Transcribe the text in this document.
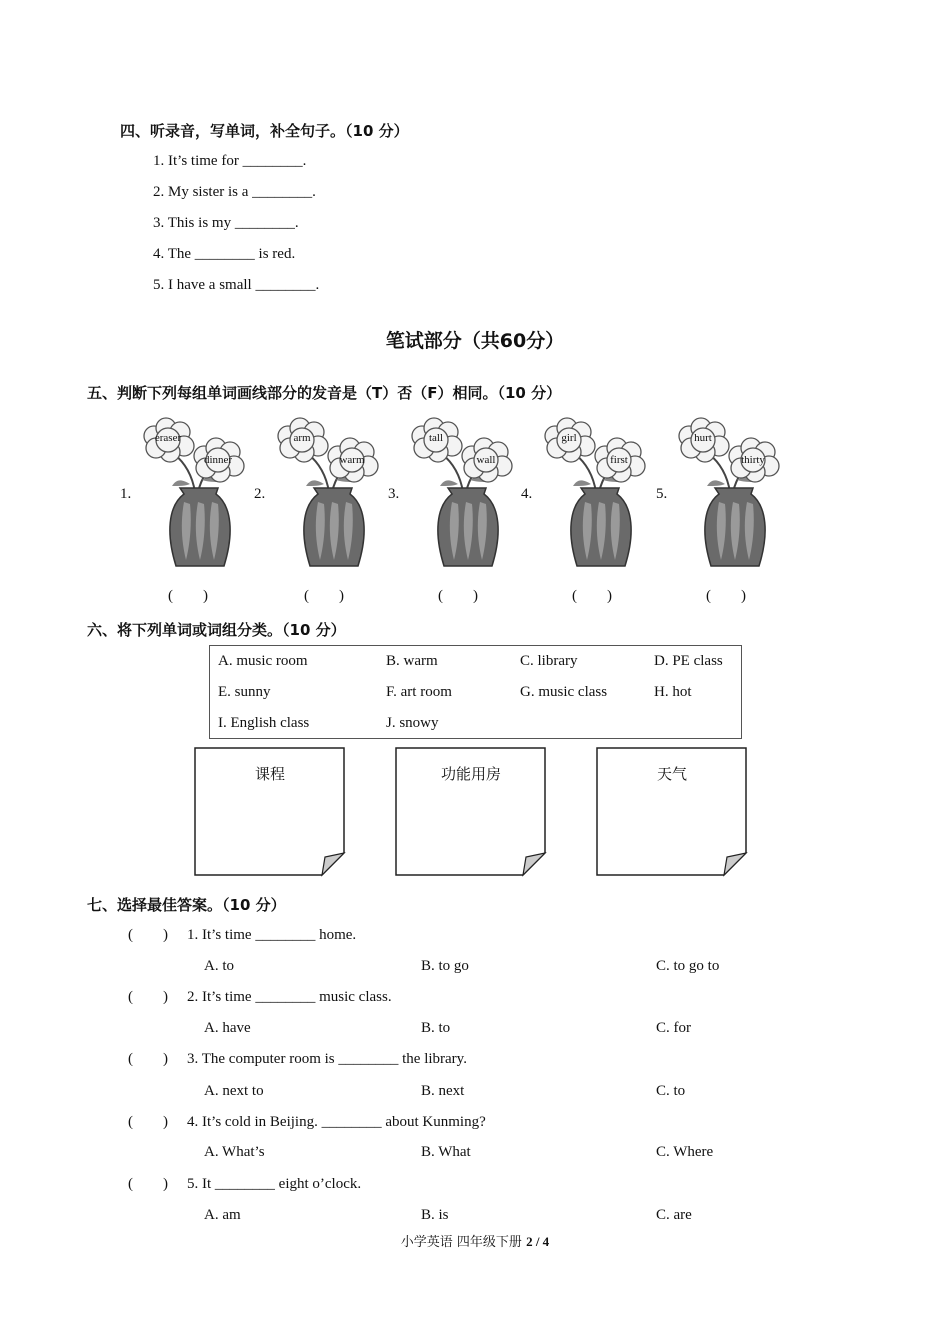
四、听录音，写单词，补全句子。（10 分）
1. It’s time for ________.
2. My sister is a ________.
3. This is my ________.
4. The ________ is red.
5. I have a small ________.
笔试部分（共60分）
五、判断下列每组单词画线部分的发音是（T）否（F）相同。（10 分）
1.
eraser
dinner
(        )
2.
arm
warm
(        )
3.
tall
wall
(        )
4.
girl
first
(        )
5.
hurt
thirty
(        )
六、将下列单词或词组分类。（10 分）
A. music room	B. warm	C. library	D. PE class
E. sunny	F. art room	G. music class	H. hot
I. English class	J. snowy
课程	功能用房	天气
七、选择最佳答案。（10 分）
(        ) 1. It’s time ________ home.
A. to	B. to go	C. to go to
(        ) 2. It’s time ________ music class.
A. have	B. to	C. for
(        ) 3. The computer room is ________ the library.
A. next to	B. next	C. to
(        ) 4. It’s cold in Beijing. ________ about Kunming?
A. What’s	B. What	C. Where
(        ) 5. It ________ eight o’clock.
A. am	B. is	C. are
小学英语 四年级下册 2 / 4
